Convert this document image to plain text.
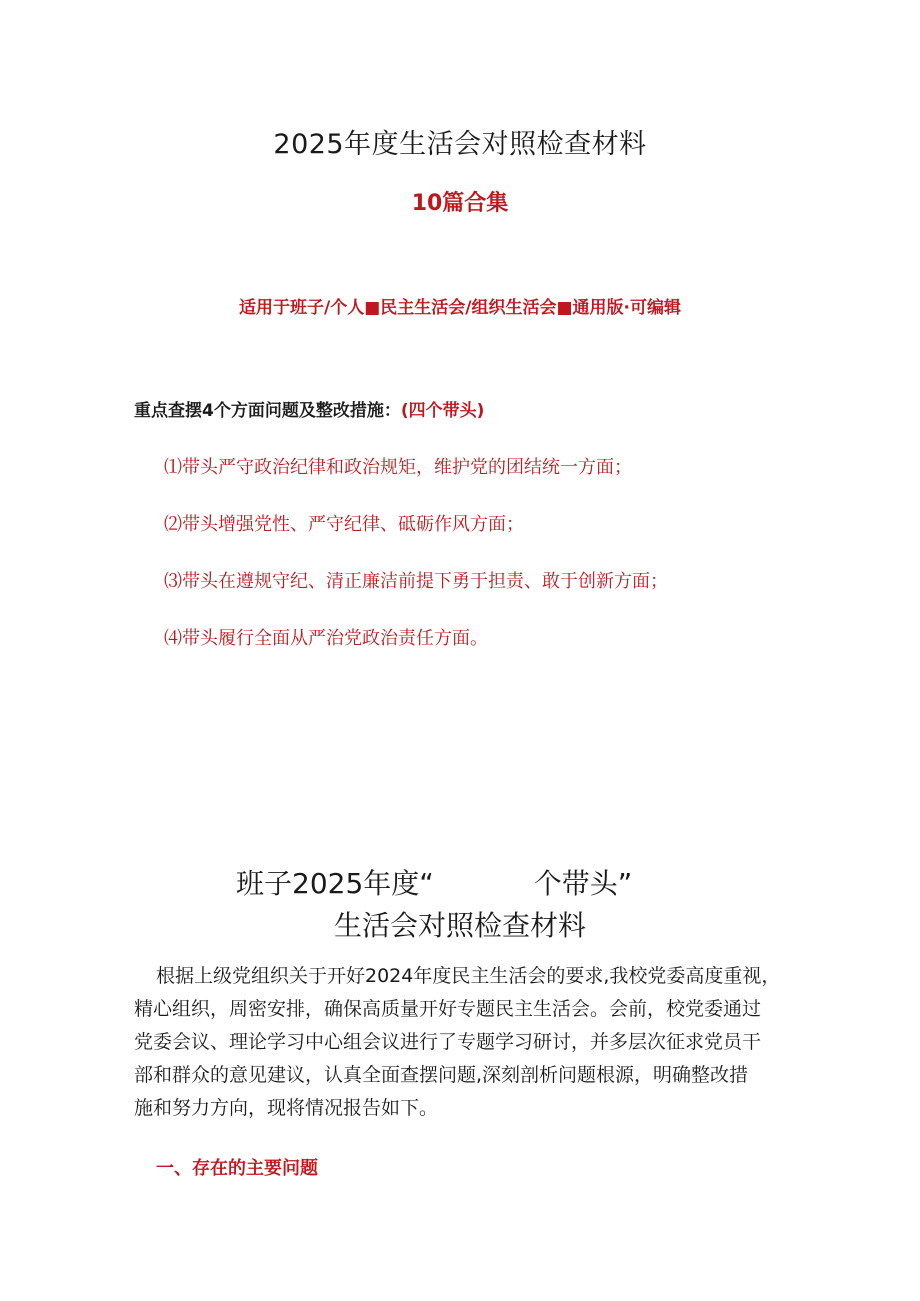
2025年度生活会对照检查材料
10篇合集
适用于班子/个人■民主生活会/组织生活会■通用版·可编辑
重点查摆4个方面问题及整改措施：(四个带头)
⑴带头严守政治纪律和政治规矩，维护党的团结统一方面；
⑵带头增强党性、严守纪律、砥砺作风方面；
⑶带头在遵规守纪、清正廉洁前提下勇于担责、敢于创新方面；
⑷带头履行全面从严治党政治责任方面。
班子2025年度“	个带头”
生活会对照检查材料

根据上级党组织关于开好2024年度民主生活会的要求,我校党委高度重视，

精心组织，周密安排，确保高质量开好专题民主生活会。会前，校党委通过

党委会议、理论学习中心组会议进行了专题学习研讨，并多层次征求党员干

部和群众的意见建议，认真全面查摆问题,深刻剖析问题根源，明确整改措

施和努力方向，现将情况报告如下。

一、存在的主要问题
